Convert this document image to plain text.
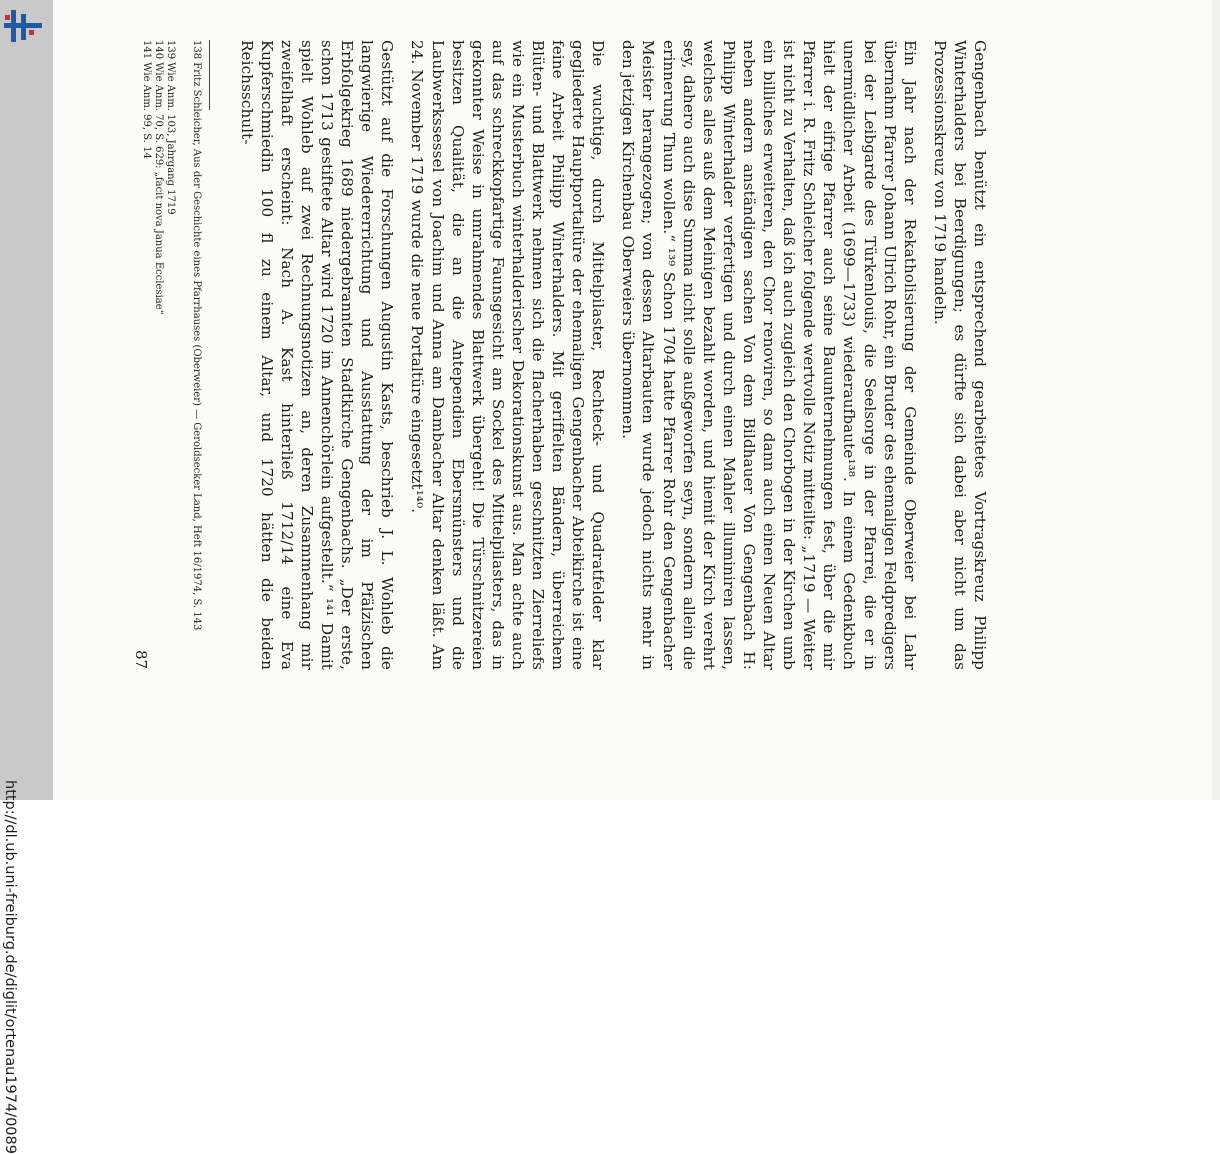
Gengenbach benützt ein entsprechend gearbeitetes Vortragskreuz Philipp Winterhalders bei Beerdigungen; es dürfte sich dabei aber nicht um das Prozessionskreuz von 1719 handeln.

Ein Jahr nach der Rekatholisierung der Gemeinde Oberweier bei Lahr übernahm Pfarrer Johann Ulrich Rohr, ein Bruder des ehemaligen Feldpredigers bei der Leibgarde des Türkenlouis, die Seelsorge in der Pfarrei, die er in unermüdlicher Arbeit (1699—1733) wiederaufbaute¹³⁸. In einem Gedenkbuch hielt der eifrige Pfarrer auch seine Bauunternehmungen fest, über die mir Pfarrer i. R. Fritz Schleicher folgende wertvolle Notiz mitteilte: „1719 — Weiter ist nicht zu Verhalten, daß ich auch zugleich den Chorbogen in der Kirchen umb ein billiches erweiteren, den Chor renoviren, so dann auch einen Neuen Altar neben andern anständigen sachen Von dem Bildhauer Von Gengenbach H: Philipp Winterhalder verfertigen und durch einen Mahler illuminiren lassen, welches alles auß dem Meinigen bezahlt worden, und hiemit der Kirch verehrt sey, dahero auch dise Summa nicht solle außgeworfen seyn, sondern allein die erinnerung Thun wollen.“ ¹³⁹ Schon 1704 hatte Pfarrer Rohr den Gengenbacher Meister herangezogen; von dessen Altarbauten wurde jedoch nichts mehr in den jetzigen Kirchenbau Oberweiers übernommen.

Die wuchtige, durch Mittelpilaster, Rechteck- und Quadratfelder klar gegliederte Hauptportaltüre der ehemaligen Gengenbacher Abteikirche ist eine feine Arbeit Philipp Winterhalders. Mit geriffelten Bändern, überreichem Blüten- und Blattwerk nehmen sich die flacherhaben geschnitzten Zierreliefs wie ein Musterbuch winterhalderischer Dekorationskunst aus. Man achte auch auf das schreckkopfartige Faunsgesicht am Sockel des Mittelpilasters, das in gekonnter Weise in umrahmendes Blattwerk übergeht! Die Türschnitzereien besitzen Qualität, die an die Antependien Ebersmünsters und die Laubwerkssessel von Joachim und Anna am Dambacher Altar denken läßt. Am 24. November 1719 wurde die neue Portaltüre eingesetzt¹⁴⁰.

Gestützt auf die Forschungen Augustin Kasts, beschrieb J. L. Wohleb die langwierige Wiedererrichtung und Ausstattung der im Pfälzischen Erbfolgekrieg 1689 niedergebrannten Stadtkirche Gengenbachs. „Der erste, schon 1713 gestiftete Altar wird 1720 im Annenchörlein aufgestellt.“ ¹⁴¹ Damit spielt Wohleb auf zwei Rechnungsnotizen an, deren Zusammenhang mir zweifelhaft erscheint: Nach A. Kast hinterließ 1712/14 eine Eva Kupferschmiedin 100 fl zu einem Altar, und 1720 hätten die beiden Reichsschult-

138 Fritz Schleicher, Aus der Geschichte eines Pfarrhauses (Oberweier) — Geroldsecker Land, Heft 16/1974, S. 143
139 Wie Anm. 103, Jahrgang 1719
140 Wie Anm. 70, S. 629: „facit nova Janua Ecclesiae“
141 Wie Anm. 99, S. 14
87
http://dl.ub.uni-freiburg.de/diglit/ortenau1974/0089
